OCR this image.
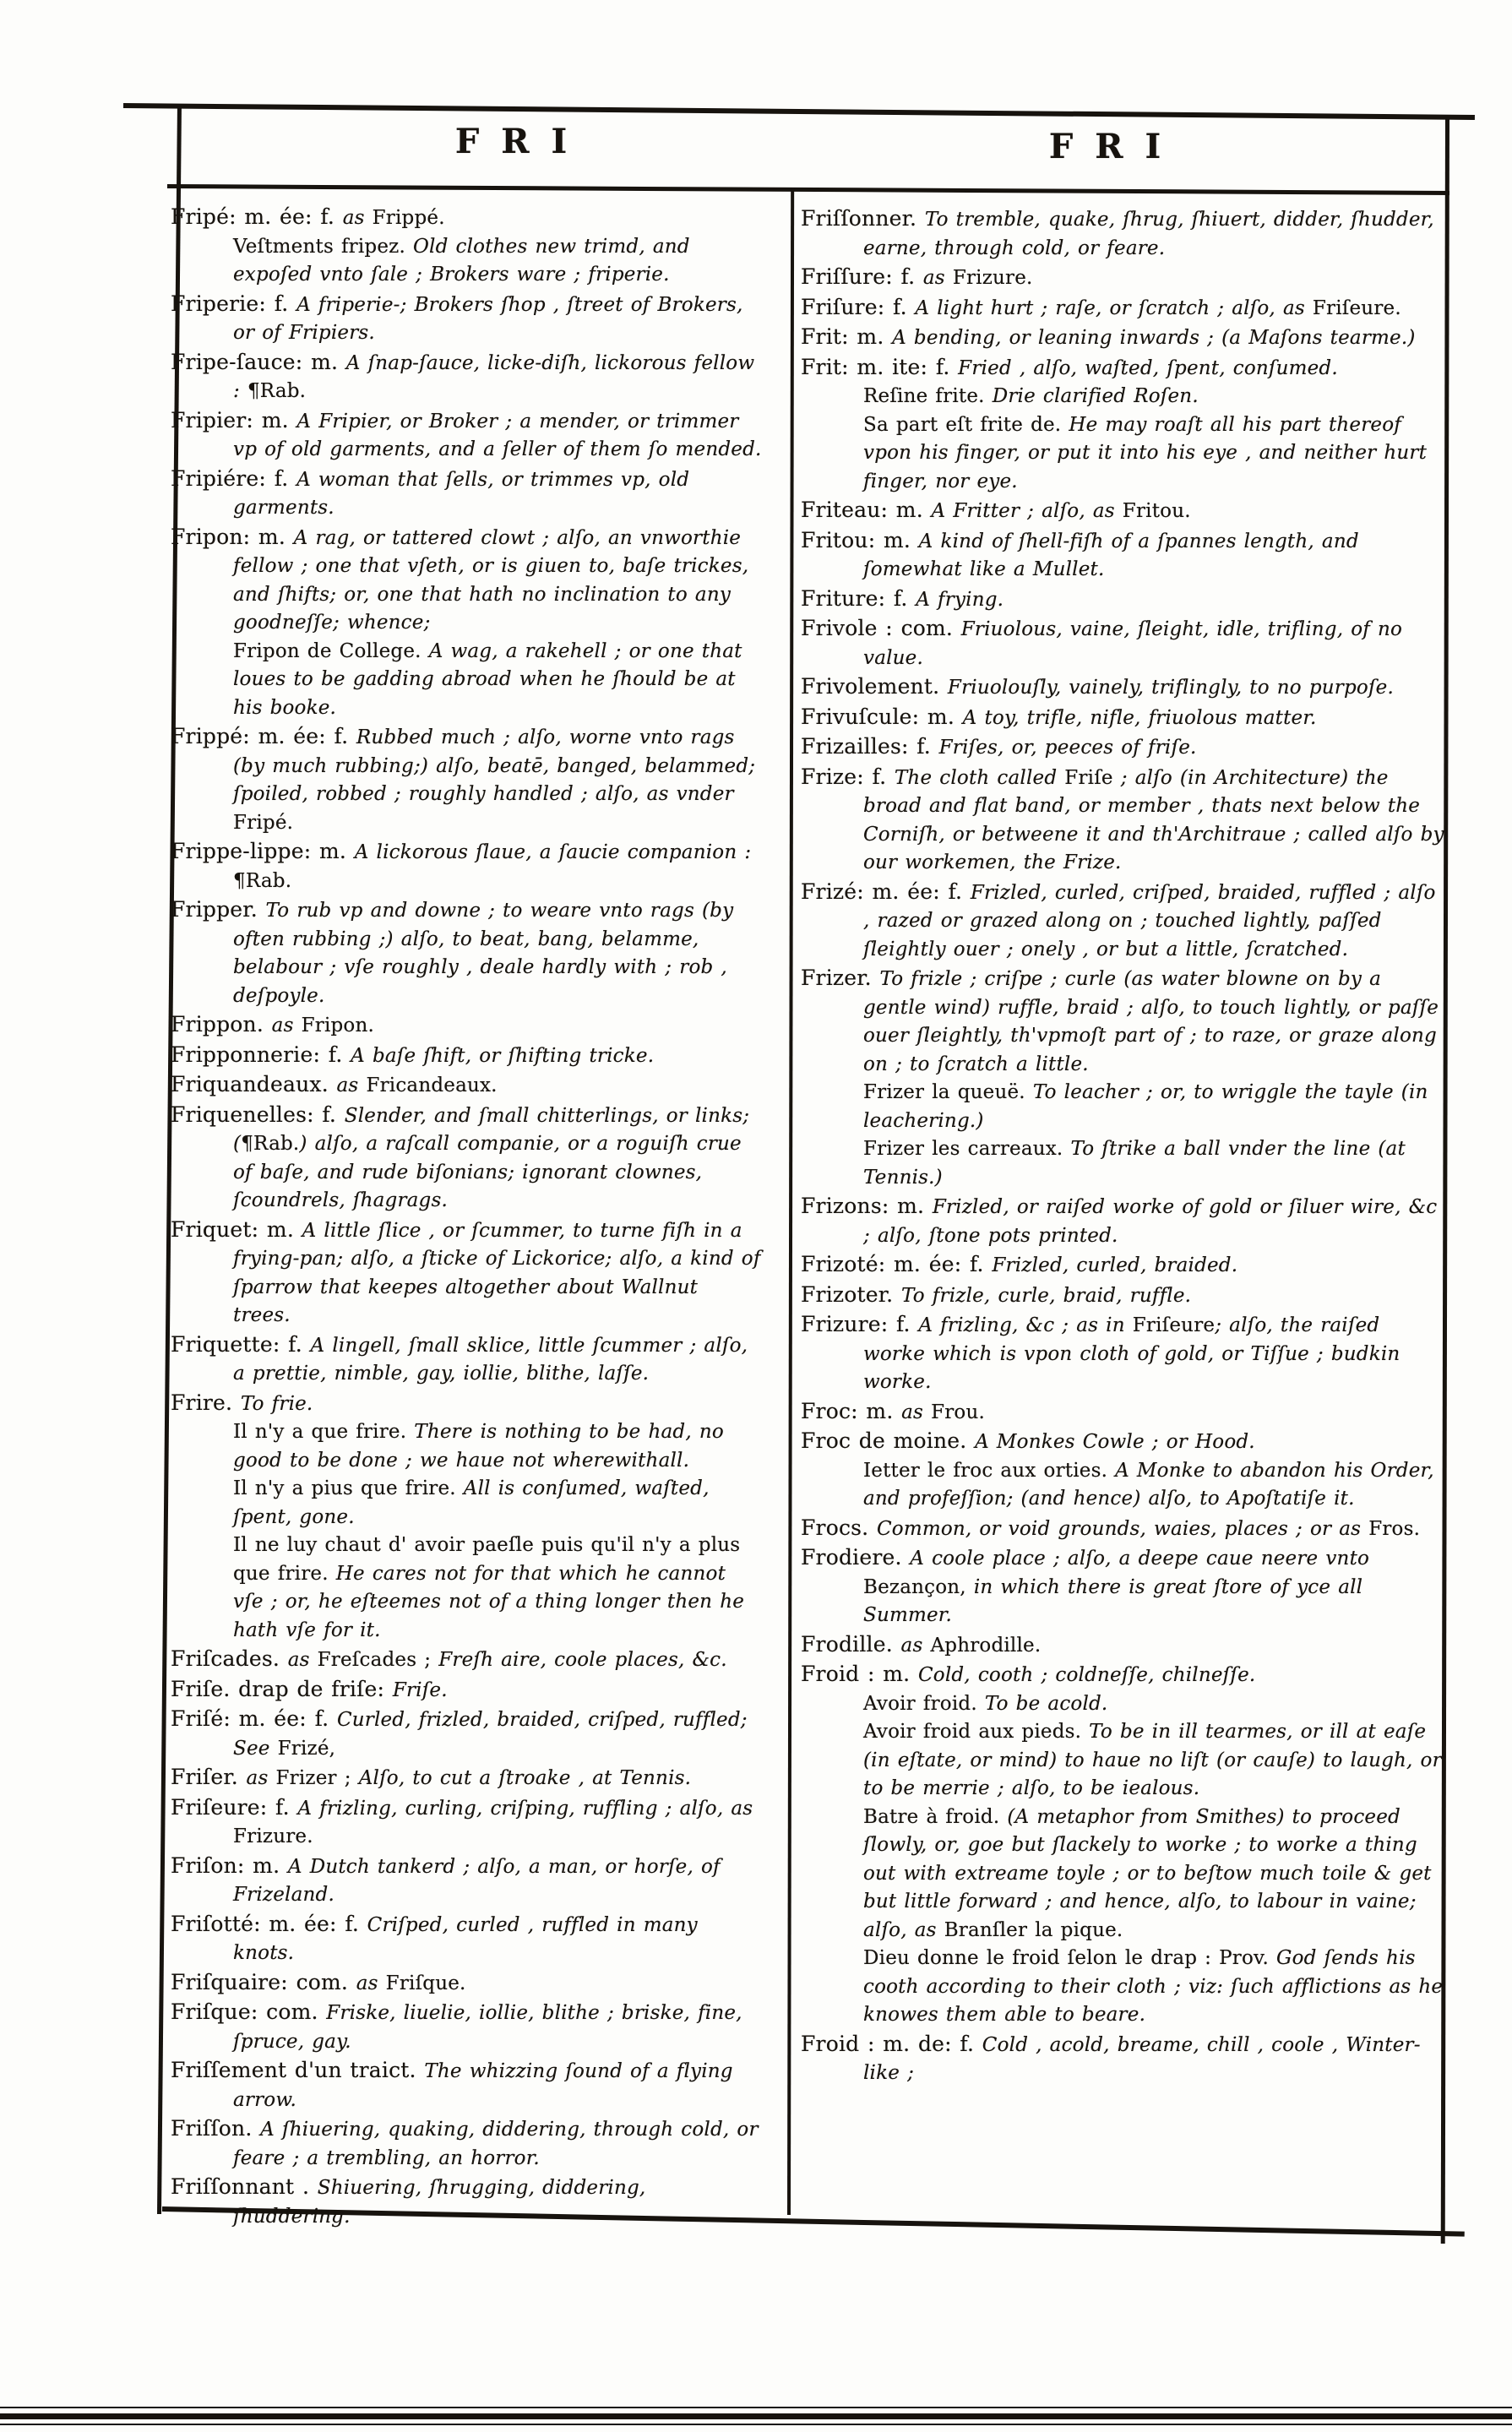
FRI	FRI

Fripé: m. ée: f. as Frippé.

Veſtments fripez. Old clothes new trimd, and expoſed vnto ſale ; Brokers ware ; friperie.

Friperie: f. A friperie-; Brokers ſhop , ſtreet of Brokers, or of Fripiers.

Fripe-ſauce: m. A ſnap-ſauce, licke-diſh, lickorous fellow : ¶Rab.

Fripier: m. A Fripier, or Broker ; a mender, or trimmer vp of old garments, and a ſeller of them ſo mended.

Fripiére: f. A woman that ſells, or trimmes vp, old garments.

Fripon: m. A rag, or tattered clowt ; alſo, an vnworthie fellow ; one that vſeth, or is giuen to, baſe trickes, and ſhifts; or, one that hath no inclination to any goodneſſe; whence;

Fripon de College. A wag, a rakehell ; or one that loues to be gadding abroad when he ſhould be at his booke.

Frippé: m. ée: f. Rubbed much ; alſo, worne vnto rags (by much rubbing;) alſo, beatē, banged, belammed; ſpoiled, robbed ; roughly handled ; alſo, as vnder Fripé.

Frippe-lippe: m. A lickorous ſlaue, a ſaucie companion : ¶Rab.

Fripper. To rub vp and downe ; to weare vnto rags (by often rubbing ;) alſo, to beat, bang, belamme, belabour ; vſe roughly , deale hardly with ; rob , deſpoyle.

Frippon. as Fripon.

Fripponnerie: f. A baſe ſhift, or ſhifting tricke.

Friquandeaux. as Fricandeaux.

Friquenelles: f. Slender, and ſmall chitterlings, or links; (¶Rab.) alſo, a raſcall companie, or a roguiſh crue of baſe, and rude biſonians; ignorant clownes, ſcoundrels, ſhagrags.

Friquet: m. A little ſlice , or ſcummer, to turne fiſh in a frying-pan; alſo, a ſticke of Lickorice; alſo, a kind of ſparrow that keepes altogether about Wallnut trees.

Friquette: f. A lingell, ſmall sklice, little ſcummer ; alſo, a prettie, nimble, gay, iollie, blithe, laſſe.

Frire. To frie.

Il n'y a que frire. There is nothing to be had, no good to be done ; we haue not wherewithall.

Il n'y a pius que frire. All is conſumed, waſted, ſpent, gone.

Il ne luy chaut d' avoir paeſle puis qu'il n'y a plus que frire. He cares not for that which he cannot vſe ; or, he eſteemes not of a thing longer then he hath vſe for it.

Friſcades. as Freſcades ; Freſh aire, coole places, &c.

Friſe. drap de friſe: Friſe.

Friſé: m. ée: f. Curled, frizled, braided, criſped, ruffled; See Frizé,

Friſer. as Frizer ; Alſo, to cut a ſtroake , at Tennis.

Friſeure: f. A frizling, curling, criſping, ruffling ; alſo, as Frizure.

Friſon: m. A Dutch tankerd ; alſo, a man, or horſe, of Frizeland.

Friſotté: m. ée: f. Criſped, curled , ruffled in many knots.

Friſquaire: com. as Friſque.

Friſque: com. Friske, liuelie, iollie, blithe ; briske, fine, ſpruce, gay.

Friſſement d'un traict. The whizzing ſound of a flying arrow.

Friſſon. A ſhiuering, quaking, diddering, through cold, or feare ; a trembling, an horror.

Friſſonnant . Shiuering, ſhrugging, diddering, ſhuddering.

Friſſonner. To tremble, quake, ſhrug, ſhiuert, didder, ſhudder, earne, through cold, or feare.

Friſſure: f. as Frizure.

Friſure: f. A light hurt ; raſe, or ſcratch ; alſo, as Friſeure.

Frit: m. A bending, or leaning inwards ; (a Maſons tearme.)

Frit: m. ite: f. Fried , alſo, waſted, ſpent, conſumed.

Reſine frite. Drie clarified Roſen.

Sa part eſt frite de. He may roaſt all his part thereof vpon his finger, or put it into his eye , and neither hurt finger, nor eye.

Friteau: m. A Fritter ; alſo, as Fritou.

Fritou: m. A kind of ſhell-fiſh of a ſpannes length, and ſomewhat like a Mullet.

Friture: f. A frying.

Frivole : com. Friuolous, vaine, ſleight, idle, trifling, of no value.

Frivolement. Friuolouſly, vainely, triflingly, to no purpoſe.

Frivuſcule: m. A toy, trifle, nifle, friuolous matter.

Frizailles: f. Friſes, or, peeces of friſe.

Frize: f. The cloth called Friſe ; alſo (in Architecture) the broad and flat band, or member , thats next below the Corniſh, or betweene it and th'Architraue ; called alſo by our workemen, the Frize.

Frizé: m. ée: f. Frizled, curled, criſped, braided, ruffled ; alſo , razed or grazed along on ; touched lightly, paſſed ſleightly ouer ; onely , or but a little, ſcratched.

Frizer. To frizle ; criſpe ; curle (as water blowne on by a gentle wind) ruffle, braid ; alſo, to touch lightly, or paſſe ouer ſleightly, th'vpmoſt part of ; to raze, or graze along on ; to ſcratch a little.

Frizer la queuë. To leacher ; or, to wriggle the tayle (in leachering.)

Frizer les carreaux. To ſtrike a ball vnder the line (at Tennis.)

Frizons: m. Frizled, or raiſed worke of gold or ſiluer wire, &c ; alſo, ſtone pots printed.

Frizoté: m. ée: f. Frizled, curled, braided.

Frizoter. To frizle, curle, braid, ruffle.

Frizure: f. A frizling, &c ; as in Friſeure; alſo, the raiſed worke which is vpon cloth of gold, or Tiſſue ; budkin worke.

Froc: m. as Frou.

Froc de moine. A Monkes Cowle ; or Hood.

Ietter le froc aux orties. A Monke to abandon his Order, and profeſſion; (and hence) alſo, to Apoſtatiſe it.

Frocs. Common, or void grounds, waies, places ; or as Fros.

Frodiere. A coole place ; alſo, a deepe caue neere vnto Bezançon, in which there is great ſtore of yce all Summer.

Frodille. as Aphrodille.

Froid : m. Cold, cooth ; coldneſſe, chilneſſe.

Avoir froid. To be acold.

Avoir froid aux pieds. To be in ill tearmes, or ill at eaſe (in eſtate, or mind) to haue no liſt (or cauſe) to laugh, or to be merrie ; alſo, to be iealous.

Batre à froid. (A metaphor from Smithes) to proceed ſlowly, or, goe but ſlackely to worke ; to worke a thing out with extreame toyle ; or to beſtow much toile & get but little forward ; and hence, alſo, to labour in vaine; alſo, as Branſler la pique.

Dieu donne le froid ſelon le drap : Prov. God ſends his cooth according to their cloth ; viz: ſuch afflictions as he knowes them able to beare.

Froid : m. de: f. Cold , acold, breame, chill , coole , Winter-like ;
